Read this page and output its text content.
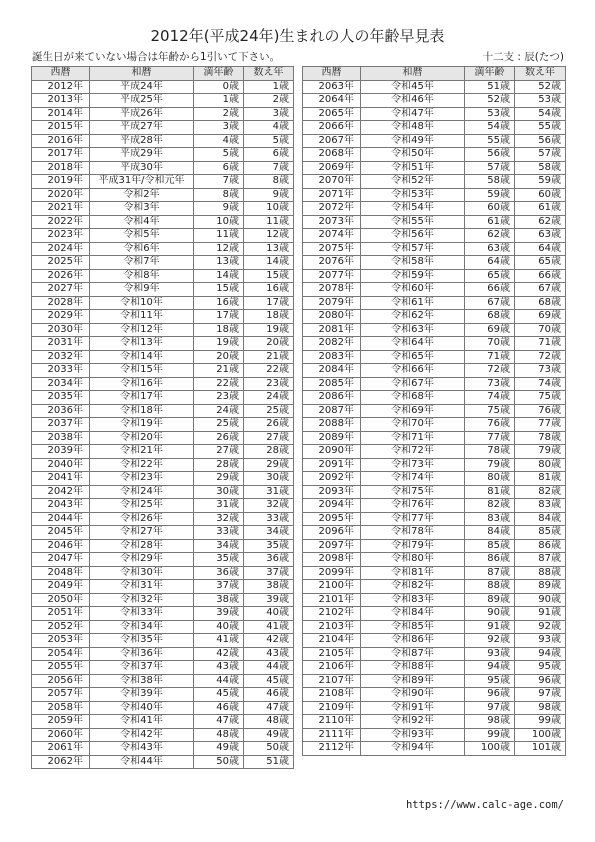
2012年(平成24年)生まれの人の年齢早見表
誕生日が来ていない場合は年齢から1引いて下さい。	十二支 : 辰(たつ)
西暦	和暦	満年齢	数え年
2012年	平成24年	0歳	1歳
2013年	平成25年	1歳	2歳
2014年	平成26年	2歳	3歳
2015年	平成27年	3歳	4歳
2016年	平成28年	4歳	5歳
2017年	平成29年	5歳	6歳
2018年	平成30年	6歳	7歳
2019年	平成31年/令和元年	7歳	8歳
2020年	令和2年	8歳	9歳
2021年	令和3年	9歳	10歳
2022年	令和4年	10歳	11歳
2023年	令和5年	11歳	12歳
2024年	令和6年	12歳	13歳
2025年	令和7年	13歳	14歳
2026年	令和8年	14歳	15歳
2027年	令和9年	15歳	16歳
2028年	令和10年	16歳	17歳
2029年	令和11年	17歳	18歳
2030年	令和12年	18歳	19歳
2031年	令和13年	19歳	20歳
2032年	令和14年	20歳	21歳
2033年	令和15年	21歳	22歳
2034年	令和16年	22歳	23歳
2035年	令和17年	23歳	24歳
2036年	令和18年	24歳	25歳
2037年	令和19年	25歳	26歳
2038年	令和20年	26歳	27歳
2039年	令和21年	27歳	28歳
2040年	令和22年	28歳	29歳
2041年	令和23年	29歳	30歳
2042年	令和24年	30歳	31歳
2043年	令和25年	31歳	32歳
2044年	令和26年	32歳	33歳
2045年	令和27年	33歳	34歳
2046年	令和28年	34歳	35歳
2047年	令和29年	35歳	36歳
2048年	令和30年	36歳	37歳
2049年	令和31年	37歳	38歳
2050年	令和32年	38歳	39歳
2051年	令和33年	39歳	40歳
2052年	令和34年	40歳	41歳
2053年	令和35年	41歳	42歳
2054年	令和36年	42歳	43歳
2055年	令和37年	43歳	44歳
2056年	令和38年	44歳	45歳
2057年	令和39年	45歳	46歳
2058年	令和40年	46歳	47歳
2059年	令和41年	47歳	48歳
2060年	令和42年	48歳	49歳
2061年	令和43年	49歳	50歳
2062年	令和44年	50歳	51歳
西暦	和暦	満年齢	数え年
2063年	令和45年	51歳	52歳
2064年	令和46年	52歳	53歳
2065年	令和47年	53歳	54歳
2066年	令和48年	54歳	55歳
2067年	令和49年	55歳	56歳
2068年	令和50年	56歳	57歳
2069年	令和51年	57歳	58歳
2070年	令和52年	58歳	59歳
2071年	令和53年	59歳	60歳
2072年	令和54年	60歳	61歳
2073年	令和55年	61歳	62歳
2074年	令和56年	62歳	63歳
2075年	令和57年	63歳	64歳
2076年	令和58年	64歳	65歳
2077年	令和59年	65歳	66歳
2078年	令和60年	66歳	67歳
2079年	令和61年	67歳	68歳
2080年	令和62年	68歳	69歳
2081年	令和63年	69歳	70歳
2082年	令和64年	70歳	71歳
2083年	令和65年	71歳	72歳
2084年	令和66年	72歳	73歳
2085年	令和67年	73歳	74歳
2086年	令和68年	74歳	75歳
2087年	令和69年	75歳	76歳
2088年	令和70年	76歳	77歳
2089年	令和71年	77歳	78歳
2090年	令和72年	78歳	79歳
2091年	令和73年	79歳	80歳
2092年	令和74年	80歳	81歳
2093年	令和75年	81歳	82歳
2094年	令和76年	82歳	83歳
2095年	令和77年	83歳	84歳
2096年	令和78年	84歳	85歳
2097年	令和79年	85歳	86歳
2098年	令和80年	86歳	87歳
2099年	令和81年	87歳	88歳
2100年	令和82年	88歳	89歳
2101年	令和83年	89歳	90歳
2102年	令和84年	90歳	91歳
2103年	令和85年	91歳	92歳
2104年	令和86年	92歳	93歳
2105年	令和87年	93歳	94歳
2106年	令和88年	94歳	95歳
2107年	令和89年	95歳	96歳
2108年	令和90年	96歳	97歳
2109年	令和91年	97歳	98歳
2110年	令和92年	98歳	99歳
2111年	令和93年	99歳	100歳
2112年	令和94年	100歳	101歳
https://www.calc-age.com/
